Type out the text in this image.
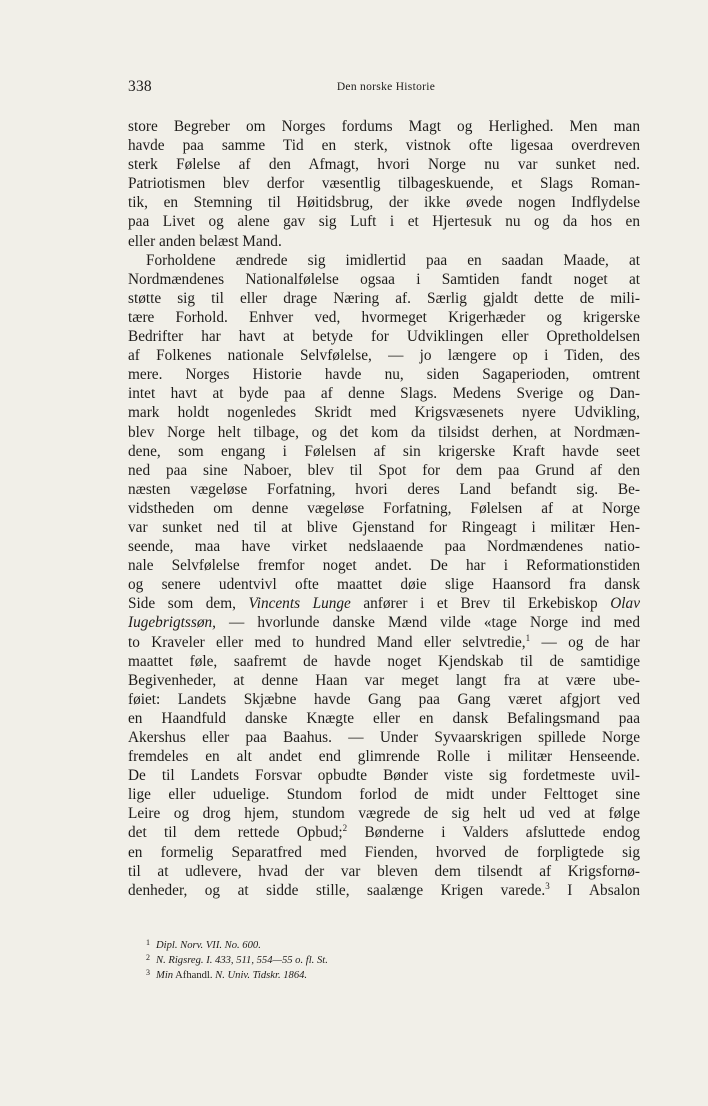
338	Den norske Historie
store Begreber om Norges fordums Magt og Herlighed. Men man
havde paa samme Tid en sterk, vistnok ofte ligesaa overdreven
sterk Følelse af den Afmagt, hvori Norge nu var sunket ned.
Patriotismen blev derfor væsentlig tilbageskuende, et Slags Roman-
tik, en Stemning til Høitidsbrug, der ikke øvede nogen Indflydelse
paa Livet og alene gav sig Luft i et Hjertesuk nu og da hos en
eller anden belæst Mand.
Forholdene ændrede sig imidlertid paa en saadan Maade, at
Nordmændenes Nationalfølelse ogsaa i Samtiden fandt noget at
støtte sig til eller drage Næring af. Særlig gjaldt dette de mili-
tære Forhold. Enhver ved, hvormeget Krigerhæder og krigerske
Bedrifter har havt at betyde for Udviklingen eller Opretholdelsen
af Folkenes nationale Selvfølelse, — jo længere op i Tiden, des
mere. Norges Historie havde nu, siden Sagaperioden, omtrent
intet havt at byde paa af denne Slags. Medens Sverige og Dan-
mark holdt nogenledes Skridt med Krigsvæsenets nyere Udvikling,
blev Norge helt tilbage, og det kom da tilsidst derhen, at Nordmæn-
dene, som engang i Følelsen af sin krigerske Kraft havde seet
ned paa sine Naboer, blev til Spot for dem paa Grund af den
næsten vægeløse Forfatning, hvori deres Land befandt sig. Be-
vidstheden om denne vægeløse Forfatning, Følelsen af at Norge
var sunket ned til at blive Gjenstand for Ringeagt i militær Hen-
seende, maa have virket nedslaaende paa Nordmændenes natio-
nale Selvfølelse fremfor noget andet. De har i Reformationstiden
og senere udentvivl ofte maattet døie slige Haansord fra dansk
Side som dem, Vincents Lunge anfører i et Brev til Erkebiskop Olav
Iugebrigtssøn, — hvorlunde danske Mænd vilde «tage Norge ind med
to Kraveler eller med to hundred Mand eller selvtredie,$^1$ — og de har
maattet føle, saafremt de havde noget Kjendskab til de samtidige
Begivenheder, at denne Haan var meget langt fra at være ube-
føiet: Landets Skjæbne havde Gang paa Gang været afgjort ved
en Haandfuld danske Knægte eller en dansk Befalingsmand paa
Akershus eller paa Baahus. — Under Syvaarskrigen spillede Norge
fremdeles en alt andet end glimrende Rolle i militær Henseende.
De til Landets Forsvar opbudte Bønder viste sig fordetmeste uvil-
lige eller uduelige. Stundom forlod de midt under Felttoget sine
Leire og drog hjem, stundom vægrede de sig helt ud ved at følge
det til dem rettede Opbud;$^2$ Bønderne i Valders afsluttede endog
en formelig Separatfred med Fienden, hvorved de forpligtede sig
til at udlevere, hvad der var bleven dem tilsendt af Krigsfornø-
denheder, og at sidde stille, saalænge Krigen varede.$^3$ I Absalon
$^1$ Dipl. Norv. VII. No. 600.
$^2$ N. Rigsreg. I. 433, 511, 554—55 o. fl. St.
$^3$ Min Afhandl. N. Univ. Tidskr. 1864.
